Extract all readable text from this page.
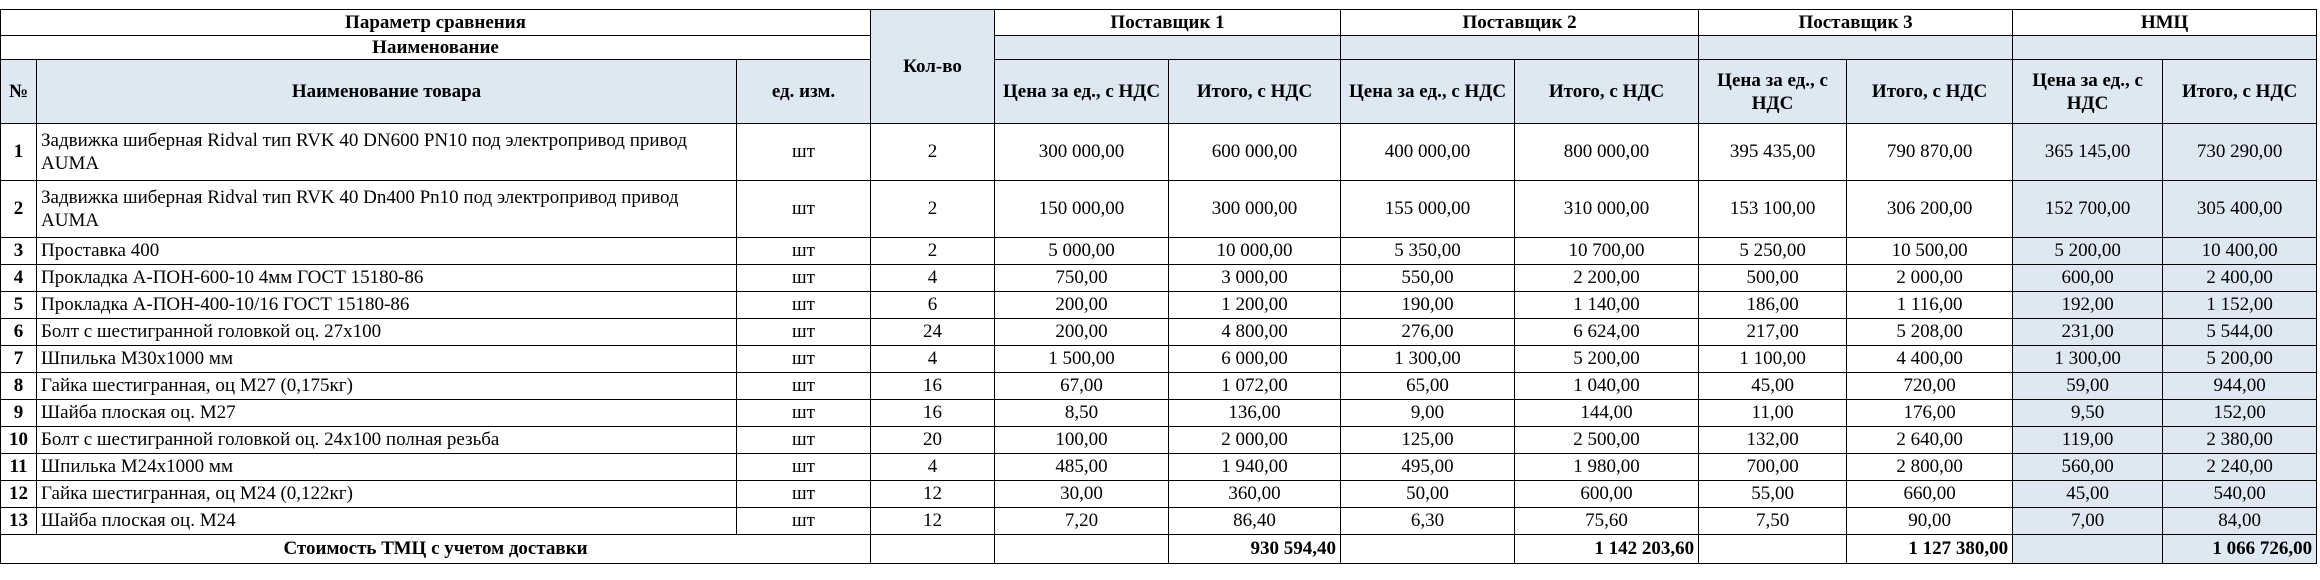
Параметр сравнения			Кол-во	Поставщик 1		Поставщик 2		Поставщик 3		НМЦ	
Наименование											
№	Наименование товара	ед. изм.		Цена за ед., с НДС	Итого, с НДС	Цена за ед., с НДС	Итого, с НДС	Цена за ед., с НДС	Итого, с НДС	Цена за ед., с НДС	Итого, с НДС
1	Задвижка шиберная Ridval тип RVK 40 DN600 PN10 под электропривод привод AUMA	шт	2	300 000,00	600 000,00	400 000,00	800 000,00	395 435,00	790 870,00	365 145,00	730 290,00
2	Задвижка шиберная Ridval тип RVK 40 Dn400 Pn10 под электропривод привод AUMA	шт	2	150 000,00	300 000,00	155 000,00	310 000,00	153 100,00	306 200,00	152 700,00	305 400,00
3	Проставка 400	шт	2	5 000,00	10 000,00	5 350,00	10 700,00	5 250,00	10 500,00	5 200,00	10 400,00
4	Прокладка А-ПОН-600-10 4мм ГОСТ 15180-86	шт	4	750,00	3 000,00	550,00	2 200,00	500,00	2 000,00	600,00	2 400,00
5	Прокладка А-ПОН-400-10/16 ГОСТ 15180-86	шт	6	200,00	1 200,00	190,00	1 140,00	186,00	1 116,00	192,00	1 152,00
6	Болт с шестигранной головкой оц. 27х100	шт	24	200,00	4 800,00	276,00	6 624,00	217,00	5 208,00	231,00	5 544,00
7	Шпилька М30х1000 мм	шт	4	1 500,00	6 000,00	1 300,00	5 200,00	1 100,00	4 400,00	1 300,00	5 200,00
8	Гайка шестигранная, оц М27 (0,175кг)	шт	16	67,00	1 072,00	65,00	1 040,00	45,00	720,00	59,00	944,00
9	Шайба плоская оц. М27	шт	16	8,50	136,00	9,00	144,00	11,00	176,00	9,50	152,00
10	Болт с шестигранной головкой оц. 24х100 полная резьба	шт	20	100,00	2 000,00	125,00	2 500,00	132,00	2 640,00	119,00	2 380,00
11	Шпилька М24х1000 мм	шт	4	485,00	1 940,00	495,00	1 980,00	700,00	2 800,00	560,00	2 240,00
12	Гайка шестигранная, оц М24 (0,122кг)	шт	12	30,00	360,00	50,00	600,00	55,00	660,00	45,00	540,00
13	Шайба плоская оц. М24	шт	12	7,20	86,40	6,30	75,60	7,50	90,00	7,00	84,00
Стоимость ТМЦ с учетом доставки					930 594,40		1 142 203,60		1 127 380,00		1 066 726,00
